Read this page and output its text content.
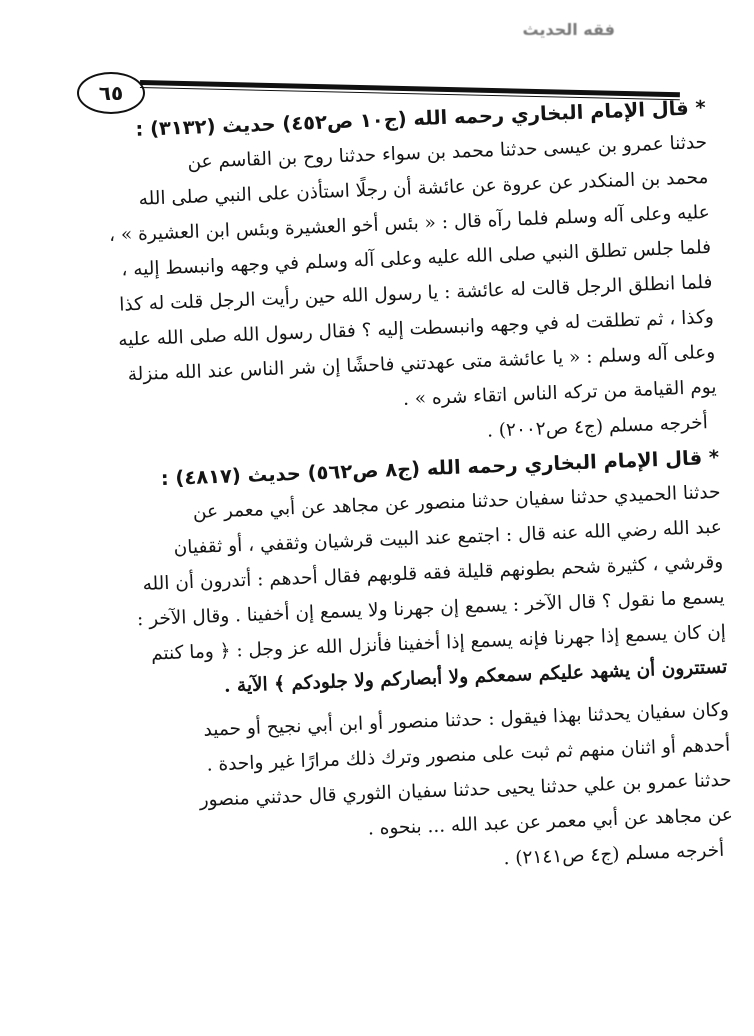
فقه الحديث
٦٥
* قال الإمام البخاري رحمه الله (ج١٠ ص٤٥٢) حديث (٣١٣٢) :
حدثنا عمرو بن عيسى حدثنا محمد بن سواء حدثنا روح بن القاسم عن
محمد بن المنكدر عن عروة عن عائشة أن رجلًا استأذن على النبي صلى الله
عليه وعلى آله وسلم فلما رآه قال : « بئس أخو العشيرة وبئس ابن العشيرة » ،
فلما جلس تطلق النبي صلى الله عليه وعلى آله وسلم في وجهه وانبسط إليه ،
فلما انطلق الرجل قالت له عائشة : يا رسول الله حين رأيت الرجل قلت له كذا
وكذا ، ثم تطلقت له في وجهه وانبسطت إليه ؟ فقال رسول الله صلى الله عليه
وعلى آله وسلم : « يا عائشة متى عهدتني فاحشًا إن شر الناس عند الله منزلة
يوم القيامة من تركه الناس اتقاء شره » .
أخرجه مسلم (ج٤ ص٢٠٠٢) .
* قال الإمام البخاري رحمه الله (ج٨ ص٥٦٢) حديث (٤٨١٧) :
حدثنا الحميدي حدثنا سفيان حدثنا منصور عن مجاهد عن أبي معمر عن
عبد الله رضي الله عنه قال : اجتمع عند البيت قرشيان وثقفي ، أو ثقفيان
وقرشي ، كثيرة شحم بطونهم قليلة فقه قلوبهم فقال أحدهم : أتدرون أن الله
يسمع ما نقول ؟ قال الآخر : يسمع إن جهرنا ولا يسمع إن أخفينا . وقال الآخر :
إن كان يسمع إذا جهرنا فإنه يسمع إذا أخفينا فأنزل الله عز وجل : ﴿ وما كنتم
تستترون أن يشهد عليكم سمعكم ولا أبصاركم ولا جلودكم ﴾ الآية .
وكان سفيان يحدثنا بهذا فيقول : حدثنا منصور أو ابن أبي نجيح أو حميد
أحدهم أو اثنان منهم ثم ثبت على منصور وترك ذلك مرارًا غير واحدة .
حدثنا عمرو بن علي حدثنا يحيى حدثنا سفيان الثوري قال حدثني منصور
عن مجاهد عن أبي معمر عن عبد الله ... بنحوه .
أخرجه مسلم (ج٤ ص٢١٤١) .
